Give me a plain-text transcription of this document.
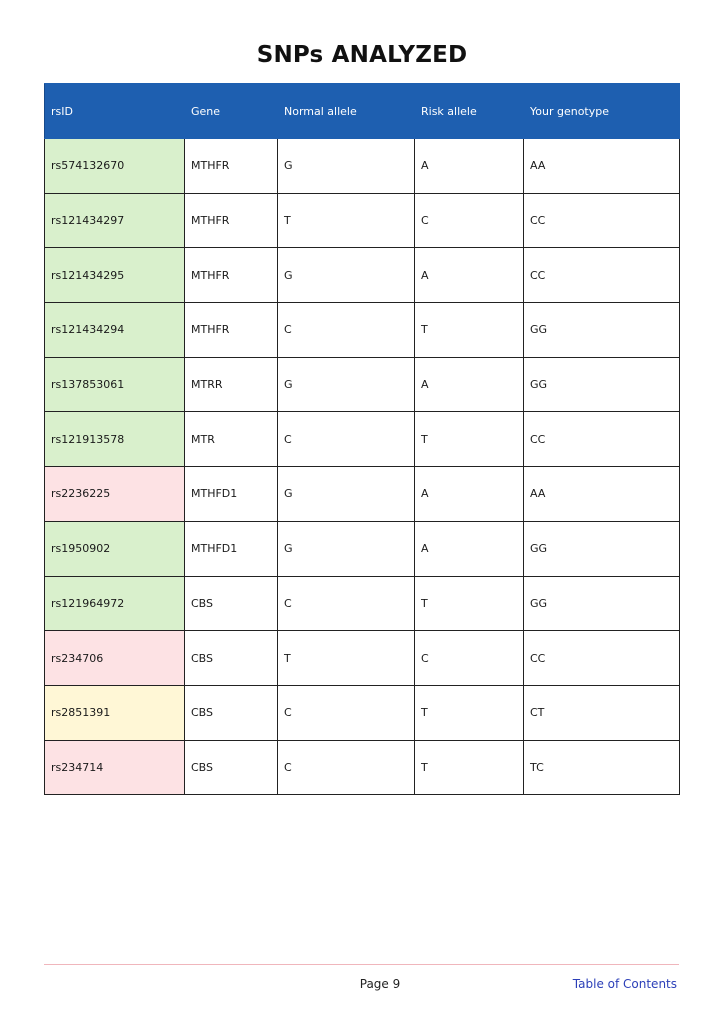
SNPs ANALYZED
rsID	Gene	Normal allele	Risk allele	Your genotype
rs574132670	MTHFR	G	A	AA
rs121434297	MTHFR	T	C	CC
rs121434295	MTHFR	G	A	CC
rs121434294	MTHFR	C	T	GG
rs137853061	MTRR	G	A	GG
rs121913578	MTR	C	T	CC
rs2236225	MTHFD1	G	A	AA
rs1950902	MTHFD1	G	A	GG
rs121964972	CBS	C	T	GG
rs234706	CBS	T	C	CC
rs2851391	CBS	C	T	CT
rs234714	CBS	C	T	TC
Page 9	Table of Contents
